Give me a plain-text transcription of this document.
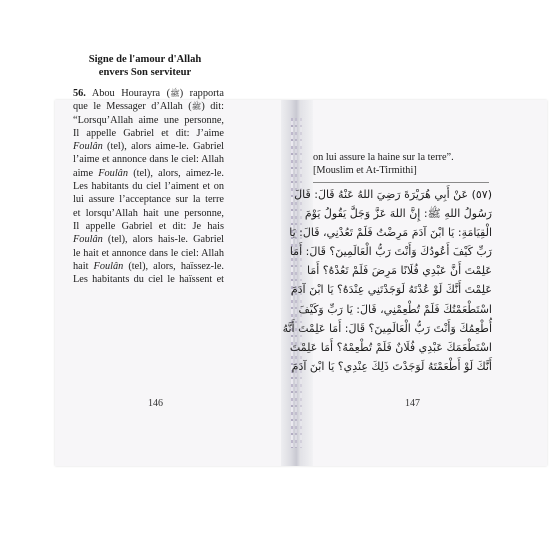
Signe de l'amour d'Allah
envers Son serviteur
56. Abou Hourayra (ﷺ) rapporta
que le Messager d’Allah (ﷺ) dit:
“Lorsqu’Allah aime une personne,
Il appelle Gabriel et dit: J’aime
Foulân (tel), alors aime-le. Gabriel
l’aime et annonce dans le ciel: Allah
aime Foulân (tel), alors, aimez-le.
Les habitants du ciel l’aiment et on
lui assure l’acceptance sur la terre
et lorsqu’Allah hait une personne,
Il appelle Gabriel et dit: Je hais
Foulân (tel), alors hais-le. Gabriel
le hait et annonce dans le ciel: Allah
hait Foulân (tel), alors, haïssez-le.
Les habitants du ciel le haïssent et
146
on lui assure la haine sur la terre”.
[Mouslim et At-Tirmithi]
(٥٧) عَنْ أَبِي هُرَيْرَةَ رَضِيَ اللهُ عَنْهُ قَالَ: قَالَ
رَسُولُ اللهِ ﷺ: إِنَّ اللهَ عَزَّ وَجَلَّ يَقُولُ يَوْمَ
الْقِيَامَةِ: يَا ابْنَ آدَمَ مَرِضْتُ فَلَمْ تَعُدْنِي، قَالَ: يَا
رَبِّ كَيْفَ أَعُودُكَ وَأَنْتَ رَبُّ الْعَالَمِينَ؟ قَالَ: أَمَا
عَلِمْتَ أَنَّ عَبْدِي فُلَانًا مَرِضَ فَلَمْ تَعُدْهُ؟ أَمَا
عَلِمْتَ أَنَّكَ لَوْ عُدْتَهُ لَوَجَدْتَنِي عِنْدَهُ؟ يَا ابْنَ آدَمَ
اسْتَطْعَمْتُكَ فَلَمْ تُطْعِمْنِي، قَالَ: يَا رَبِّ وَكَيْفَ
أُطْعِمُكَ وَأَنْتَ رَبُّ الْعَالَمِينَ؟ قَالَ: أَمَا عَلِمْتَ أَنَّهُ
اسْتَطْعَمَكَ عَبْدِي فُلَانٌ فَلَمْ تُطْعِمْهُ؟ أَمَا عَلِمْتَ
أَنَّكَ لَوْ أَطْعَمْتَهُ لَوَجَدْتَ ذَلِكَ عِنْدِي؟ يَا ابْنَ آدَمَ
147
